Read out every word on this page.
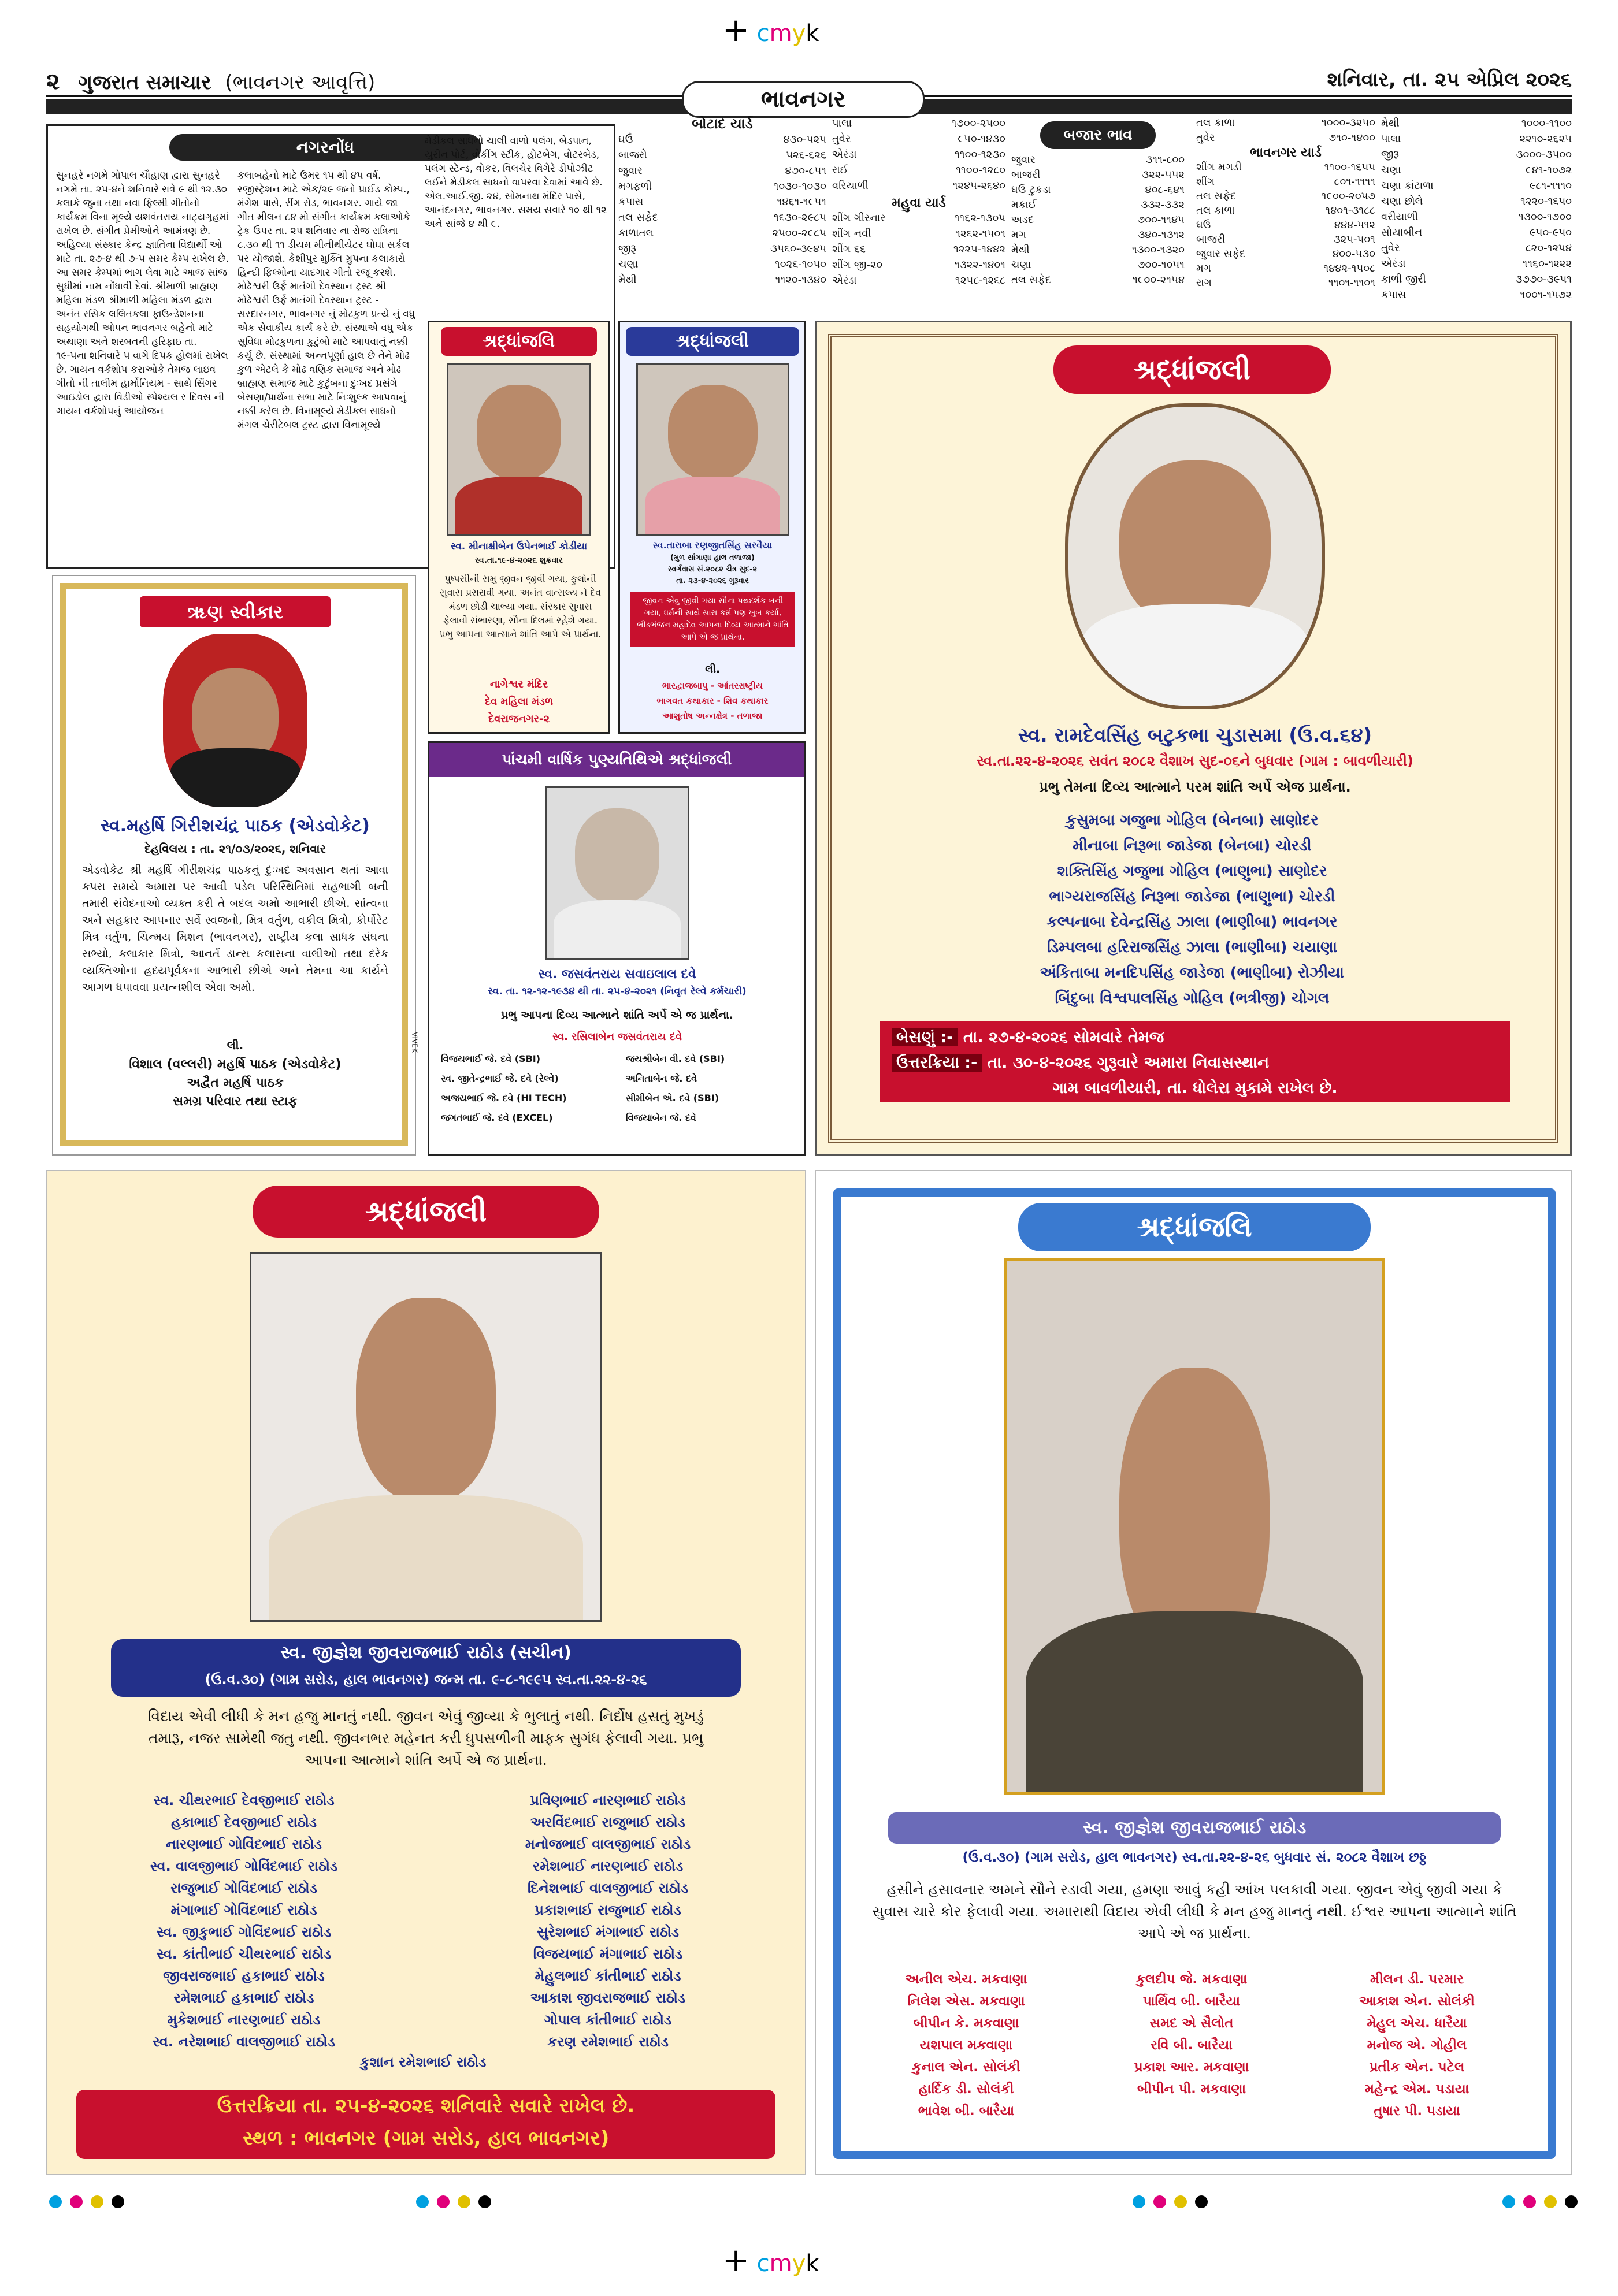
+ cmyk
૨ ગુજરાત સમાચાર (ભાવનગર આવૃત્તિ)	શનિવાર, તા. ૨૫ એપ્રિલ ૨૦૨૬
ભાવનગર
નગરનોંધ
સુનહરે નગમે ગોપાલ ચૌહાણ દ્વારા સુનહરે નગમે તા. ૨૫-૪ને શનિવારે રાત્રે ૯ થી ૧૨.૩૦ કલાકે જુના તથા નવા ફિલ્મી ગીતોનો કાર્યક્રમ વિના મૂલ્યે યશવંતરાય નાટ્યગૃહમાં રાખેલ છે. સંગીત પ્રેમીઓને આમંત્રણ છે. અહિલ્યા સંસ્કાર કેન્દ્ર જ્ઞાતિના વિદ્યાર્થી ઓ માટે તા. ૨૭-૪ થી ૭-૫ સમર કેમ્પ રાખેલ છે. આ સમર કેમ્પમાં ભાગ લેવા માટે આજ સાંજ સુધીમાં નામ નોંધાવી દેવાં. શ્રીમાળી બ્રાહ્મણ મહિલા મંડળ શ્રીમાળી મહિલા મંડળ દ્વારા અનંત રસિક લલિતકલા ફાઉન્ડેશનના સહયોગથી ઓપન ભાવનગર બહેનો માટે અથાણા અને શરબતની હરિફાઇ તા. ૧૯-૫ના શનિવારે ૫ વાગે દિપક હોલમાં રાખેલ છે. ગાયન વર્કશોપ કરાઓકે તેમજ લાઇવ ગીતો ની તાલીમ હાર્મોનિયમ - સાથે સિંગર આઇડોલ દ્વારા વિડીઓ સ્પેશ્યલ ર દિવસ ની ગાયન વર્કશોપનું આયોજન
કલાબહેનો માટે ઉંમર ૧૫ થી ૪૫ વર્ષ. રજીસ્ટ્રેશન માટે એક/૨૯ જનો પ્રાઈડ કોમ્પ., મંગેશ પાસે, રીંગ રોડ, ભાવનગર. ગાયે જા ગીત મીલન ૮૪ મો સંગીત કાર્યક્રમ કલાઓકે ટ્રેક ઉપર તા. ૨૫ શનિવાર ના રોજ રાત્રિના ૮.૩૦ થી ૧૧ ડીયમ મીનીથીયેટર ઘોઘા સર્કલ પર યોજાશે. કેશીપુર મુક્તિ ગ્રુપના કલાકારો હિન્દી ફિલ્મોના યાદગાર ગીતો રજૂ કરશે. મોઢેશ્વરી ઉર્ફે માતંગી દેવસ્થાન ટ્રસ્ટ શ્રી મોઢેશ્વરી ઉર્ફે માતંગી દેવસ્થાન ટ્રસ્ટ - સરદારનગર, ભાવનગર નું મોઢકુળ પ્રત્યે નું વધુ એક સેવાકીય કાર્ય કરે છે. સંસ્થાએ વધુ એક સુવિધા મોઢકુળના કુટુંબો માટે આપવાનું નક્કી કર્યુ છે. સંસ્થામાં અન્નપૂર્ણા હાલ છે તેને મોઢ કુળ એટલે કે મોઢ વણિક સમાજ અને મોઢ બ્રાહ્મણ સમાજ માટે કુટુંબના દુઃખદ પ્રસંગે બેસણા/પ્રાર્થના સભા માટે નિઃશુલ્ક આપવાનું નક્કી કરેલ છે. વિનામૂલ્યે મેડીકલ સાધનો મંગલ ચેરીટેબલ ટ્રસ્ટ દ્વારા વિનામૂલ્યે
મેડીકલ સાધનો ચાલી વાળો પલંગ, બેડપાન, યુરીન પોર્ટ, વોકીંગ સ્ટીક, હોટબેગ, વોટરબેડ, પલંગ સ્ટેન્ડ, વોકર, વિલચેર વિગેરે ડીપોઝીટ લઈને મેડીકલ સાધનો વાપરવા દેવામાં આવે છે. એલ.આઈ.જી. ૨૪, સોમનાથ મંદિર પાસે, આનંદનગર, ભાવનગર. સમય સવારે ૧૦ થી ૧૨ અને સાંજે ૪ થી ૯.
બોટાદ યાર્ડ
ઘઉં	૪૩૦-૫૨૫
બાજરો	૫૨૬-૬૨૬
જુવાર	૪૭૦-૮૫૧
મગફળી	૧૦૩૦-૧૦૩૦
કપાસ	૧૪૬૧-૧૯૫૧
તલ સફેદ	૧૬૩૦-૨૯૮૫
કાળાતલ	૨૫૦૦-૨૯૮૫
જીરૂ	૩૫૬૦-૩૯૪૫
ચણા	૧૦૨૬-૧૦૫૦
મેથી	૧૧૨૦-૧૩૪૦
પાલા	૧૭૦૦-૨૫૦૦
તુવેર	૯૫૦-૧૪૩૦
એરંડા	૧૧૦૦-૧૨૩૦
રાઈ	૧૧૦૦-૧૨૮૦
વરિયાળી	૧૨૪૫-૨૬૪૦
મહુવા યાર્ડ
શીંગ ગીરનાર	૧૧૬૨-૧૩૦૫
શીંગ નવી	૧૨૬૨-૧૫૦૧
શીંગ ૬૬	૧૨૨૫-૧૪૪૨
શીંગ જી-૨૦	૧૩૨૨-૧૪૦૧
એરંડા	૧૨૫૮-૧૨૬૮
બજાર ભાવ
જુવાર	૩૧૧-૮૦૦
બાજરી	૩૨૨-૫૫૨
ઘઉં ટુકડા	૪૦૮-૬૪૧
મકાઈ	૩૩૨-૩૩૨
અડદ	૭૦૦-૧૧૪૫
મગ	૩૪૦-૧૩૧૨
મેથી	૧૩૦૦-૧૩૨૦
ચણા	૭૦૦-૧૦૫૧
તલ સફેદ	૧૯૦૦-૨૧૫૪
તલ કાળા	૧૦૦૦-૩૨૫૦
તુવેર	૭૧૦-૧૪૦૦
ભાવનગર યાર્ડ
શીંગ મગડી	૧૧૦૦-૧૬૫૫
શીંગ	૮૦૧-૧૧૧૧
તલ સફેદ	૧૯૦૦-૨૦૫૭
તલ કાળા	૧૪૦૧-૩૧૮૮
ઘઉં	૪૪૪-૫૧૨
બાજરી	૩૨૫-૫૦૧
જુવાર સફેદ	૪૦૦-૫૩૦
મગ	૧૪૪૨-૧૫૦૮
રાગ	૧૧૦૧-૧૧૦૧
મેથી	૧૦૦૦-૧૧૦૦
પાલા	૨૨૧૦-૨૬૨૫
જીરૂ	૩૦૦૦-૩૫૦૦
ચણા	૯૪૧-૧૦૭૨
ચણા કાંટાળા	૯૮૧-૧૧૧૦
ચણા છોલે	૧૨૨૦-૧૬૫૦
વરીયાળી	૧૩૦૦-૧૭૦૦
સોયાબીન	૯૫૦-૯૫૦
તુવેર	૮૨૦-૧૨૫૪
એરંડા	૧૧૬૦-૧૨૨૨
કાળી જીરી	૩૭૭૦-૩૯૫૧
કપાસ	૧૦૦૧-૧૫૭૨
શ્રદ્ધાંજલિ
સ્વ. મીનાક્ષીબેન ઉપેનભાઈ કોડીયા
સ્વ.તા.૧૯-૪-૨૦૨૬ શુક્રવાર
પુષ્પસીની સમુ જીવન જીવી ગયા, ફુલોની સુવાસ પ્રસરાવી ગયા. અનંત વાત્સલ્ય ને દેવ મંડળ છોડી ચાલ્યા ગયા. સંસ્કાર સુવાસ ફેલાવી સંભારણા, સૌના દિલમાં રહેશે ગયા. પ્રભુ આપના આત્માને શાંતિ આપે એ પ્રાર્થના.
નાગેશ્વર મંદિર
દેવ મહિલા મંડળ
દેવરાજનગર-૨
શ્રદ્ધાંજલી
સ્વ.તારાબા રણજીતસિંહ સરવૈયા
(મુળ સાંગાણા હાલ તળાજા)
સ્વર્ગવાસ સં.૨૦૮૨ ચૈત્ર સુદ-૨
તા. ૨૩-૪-૨૦૨૬ ગુરૂવાર
જીવન એવું જીવી ગયા સૌના પથદર્શક બની ગયા, ધર્મની સાથે સારા કર્મ પણ ખુબ કર્યા, ભીડભંજન મહાદેવ આપના દિવ્ય આત્માને શાંતિ આપે એ જ પ્રાર્થના.
લી.
ભારદ્વાજબાપુ - આંતરરાષ્ટ્રીય
ભાગવત કથાકાર - શિવ કથાકાર
આશુતોષ અન્નક્ષેત્ર - તળાજા
ૠણ સ્વીકાર
સ્વ.મહર્ષિ ગિરીશચંદ્ર પાઠક (એડવોકેટ)
દેહવિલય : તા. ૨૧/૦૩/૨૦૨૬, શનિવાર
એડવોકેટ શ્રી મહર્ષિ ગીરીશચંદ્ર પાઠકનું દુઃખદ અવસાન થતાં આવા કપરા સમયે અમારા પર આવી પડેલ પરિસ્થિતિમાં સહભાગી બની તમારી સંવેદનાઓ વ્યક્ત કરી તે બદલ અમો આભારી છીએ. સાંત્વના અને સહકાર આપનાર સર્વે સ્વજનો, મિત્ર વર્તુળ, વકીલ મિત્રો, કોર્પોરેટ મિત્ર વર્તુળ, ચિન્મય મિશન (ભાવનગર), રાષ્ટ્રીય કલા સાધક સંઘના સભ્યો, કલાકાર મિત્રો, આનર્ત ડાન્સ કલાસના વાલીઓ તથા દરેક વ્યક્તિઓના હ્રદયપૂર્વકના આભારી છીએ અને તેમના આ કાર્યને આગળ ધપાવવા પ્રયત્નશીલ એવા અમો.
લી.
વિશાલ (વલ્લરી) મહર્ષિ પાઠક (એડવોકેટ)
અદ્વૈત મહર્ષિ પાઠક
સમગ્ર પરિવાર તથા સ્ટાફ
VIVEK
પાંચમી વાર્ષિક પુણ્યતિથિએ શ્રદ્ધાંજલી
સ્વ. જસવંતરાય સવાઇલાલ દવે
સ્વ. તા. ૧૨-૧૨-૧૯૩૪ થી તા. ૨૫-૪-૨૦૨૧ (નિવૃત રેલ્વે કર્મચારી)
પ્રભુ આપના દિવ્ય આત્માને શાંતિ અર્પે એ જ પ્રાર્થના.
સ્વ. રસિલાબેન જસવંતરાય દવે
વિજયભાઈ જે. દવે (SBI)
સ્વ. જીતેન્દ્રભાઈ જે. દવે (રેલ્વે)
અજયભાઈ જે. દવે (HI TECH)
જગતભાઈ જે. દવે (EXCEL)
જયશ્રીબેન વી. દવે (SBI)
અનિતાબેન જે. દવે
સીમીબેન એ. દવે (SBI)
વિજયાબેન જે. દવે
શ્રદ્ધાંજલી
સ્વ. રામદેવસિંહ બટુકભા ચુડાસમા (ઉ.વ.૬૪)
સ્વ.તા.૨૨-૪-૨૦૨૬ સવંત ૨૦૮૨ વૈશાખ સુદ-૦૬ને બુધવાર (ગામ : બાવળીયારી)
પ્રભુ તેમના દિવ્ય આત્માને પરમ શાંતિ અર્પે એજ પ્રાર્થના.
કુસુમબા ગજુભા ગોહિલ (બેનબા) સાણોદર
મીનાબા નિરૂભા જાડેજા (બેનબા) ચોરડી
શક્તિસિંહ ગજુભા ગોહિલ (ભાણુભા) સાણોદર
ભાગ્યરાજસિંહ નિરૂભા જાડેજા (ભાણુભા) ચોરડી
કલ્પનાબા દેવેન્દ્રસિંહ ઝાલા (ભાણીબા) ભાવનગર
ડિમ્પલબા હરિરાજસિંહ ઝાલા (ભાણીબા) ચયાણા
અંકિતાબા મનદિપસિંહ જાડેજા (ભાણીબા) રોઝીયા
બિંદુબા વિશ્વપાલસિંહ ગોહિલ (ભત્રીજી) ચોગલ
બેસણું :- તા. ૨૭-૪-૨૦૨૬ સોમવારે તેમજ
ઉત્તરક્રિયા :- તા. ૩૦-૪-૨૦૨૬ ગુરૂવારે અમારા નિવાસસ્થાન
ગામ બાવળીયારી, તા. ધોલેરા મુકામે રાખેલ છે.
શ્રદ્ધાંજલી
સ્વ. જીજ્ઞેશ જીવરાજભાઈ રાઠોડ (સચીન)
(ઉ.વ.૩૦) (ગામ સરોડ, હાલ ભાવનગર) જન્મ તા. ૯-૮-૧૯૯૫ સ્વ.તા.૨૨-૪-૨૬
વિદાય એવી લીધી કે મન હજુ માનતું નથી. જીવન એવું જીવ્યા કે ભુલાતું નથી. નિર્દોષ હસતું મુખડું તમારૂ, નજર સામેથી જતુ નથી. જીવનભર મહેનત કરી ધુપસળીની માફક સુગંધ ફેલાવી ગયા. પ્રભુ આપના આત્માને શાંતિ અર્પે એ જ પ્રાર્થના.
સ્વ. ચીથરભાઈ દેવજીભાઈ રાઠોડ
હકાભાઈ દેવજીભાઈ રાઠોડ
નારણભાઈ ગોવિંદભાઈ રાઠોડ
સ્વ. વાલજીભાઈ ગોવિંદભાઈ રાઠોડ
રાજુભાઈ ગોવિંદભાઈ રાઠોડ
મંગાભાઈ ગોવિંદભાઈ રાઠોડ
સ્વ. જીકુભાઈ ગોવિંદભાઈ રાઠોડ
સ્વ. કાંતીભાઈ ચીથરભાઈ રાઠોડ
જીવરાજભાઈ હકાભાઈ રાઠોડ
રમેશભાઈ હકાભાઈ રાઠોડ
મુકેશભાઈ નારણભાઈ રાઠોડ
સ્વ. નરેશભાઈ વાલજીભાઈ રાઠોડ
પ્રવિણભાઈ નારણભાઈ રાઠોડ
અરવિંદભાઈ રાજુભાઈ રાઠોડ
મનોજભાઈ વાલજીભાઈ રાઠોડ
રમેશભાઈ નારણભાઈ રાઠોડ
દિનેશભાઈ વાલજીભાઈ રાઠોડ
પ્રકાશભાઈ રાજુભાઈ રાઠોડ
સુરેશભાઈ મંગાભાઈ રાઠોડ
વિજયભાઈ મંગાભાઈ રાઠોડ
મેહુલભાઈ કાંતીભાઈ રાઠોડ
આકાશ જીવરાજભાઈ રાઠોડ
ગોપાલ કાંતીભાઈ રાઠોડ
કરણ રમેશભાઈ રાઠોડ
કુશાન રમેશભાઈ રાઠોડ
ઉત્તરક્રિયા તા. ૨૫-૪-૨૦૨૬ શનિવારે સવારે રાખેલ છે.
સ્થળ : ભાવનગર (ગામ સરોડ, હાલ ભાવનગર)
શ્રદ્ધાંજલિ
સ્વ. જીજ્ઞેશ જીવરાજભાઈ રાઠોડ
(ઉ.વ.૩૦) (ગામ સરોડ, હાલ ભાવનગર) સ્વ.તા.૨૨-૪-૨૬ બુધવાર સં. ૨૦૮૨ વૈશાખ છઠ્ઠ
હસીને હસાવનાર અમને સૌને રડાવી ગયા, હમણા આવું કહી આંખ પલકાવી ગયા. જીવન એવું જીવી ગયા કે સુવાસ ચારે કોર ફેલાવી ગયા. અમારાથી વિદાય એવી લીધી કે મન હજુ માનતું નથી. ઈશ્વર આપના આત્માને શાંતિ આપે એ જ પ્રાર્થના.
અનીલ એચ. મકવાણા
નિલેશ એસ. મકવાણા
બીપીન કે. મકવાણા
યશપાલ મકવાણા
કુનાલ એન. સોલંકી
હાર્દિક ડી. સોલંકી
ભાવેશ બી. બારૈયા
કુલદીપ જે. મકવાણા
પાર્થિવ બી. બારૈયા
સમદ એ સૈલોત
રવિ બી. બારૈયા
પ્રકાશ આર. મકવાણા
બીપીન પી. મકવાણા
મીલન ડી. પરમાર
આકાશ એન. સોલંકી
મેહુલ એચ. ધારૈયા
મનોજ એ. ગોહીલ
પ્રતીક એન. પટેલ
મહેન્દ્ર એમ. પડાયા
તુષાર પી. પડાયા
+ cmyk
